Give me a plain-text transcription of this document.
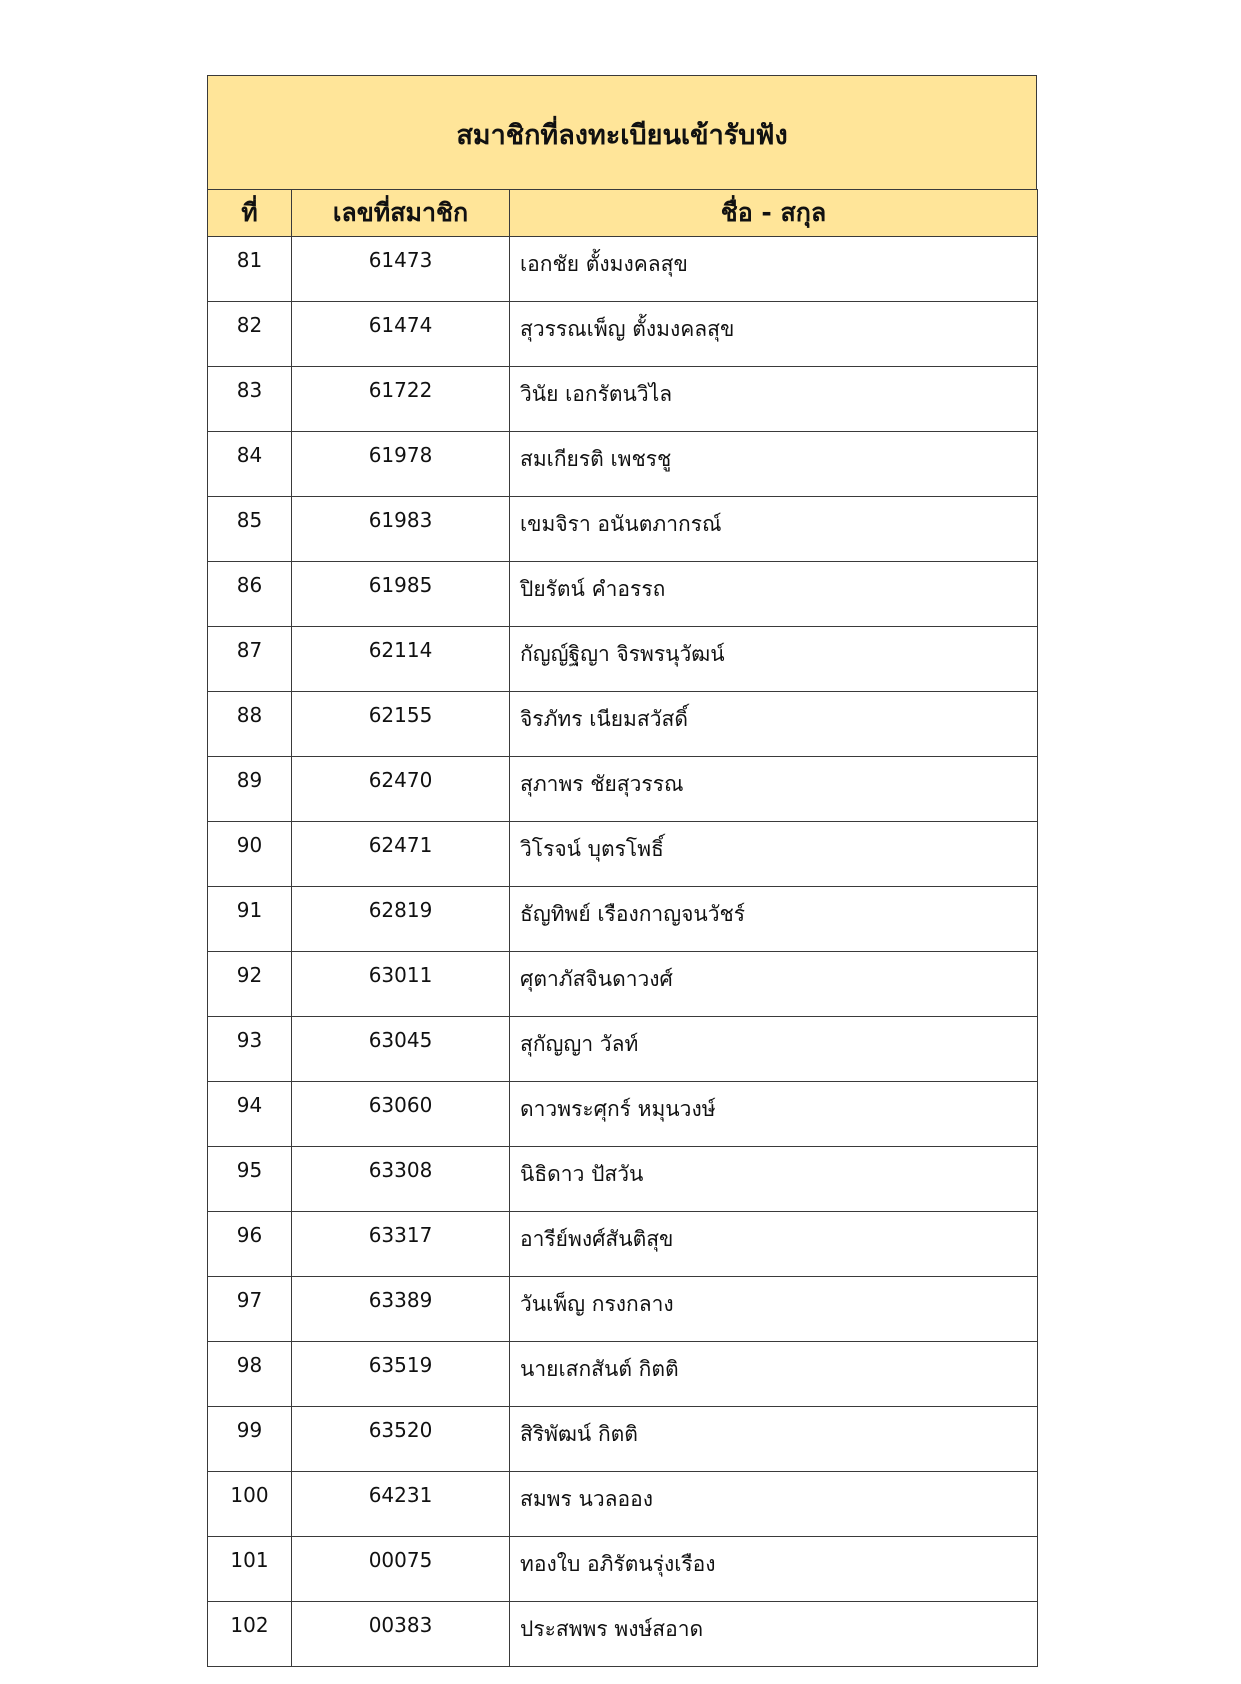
สมาชิกที่ลงทะเบียนเข้ารับฟัง
ที่	เลขที่สมาชิก	ชื่อ - สกุล
81	61473	เอกชัย ตั้งมงคลสุข
82	61474	สุวรรณเพ็ญ ตั้งมงคลสุข
83	61722	วินัย เอกรัตนวิไล
84	61978	สมเกียรติ เพชรชู
85	61983	เขมจิรา อนันตภากรณ์
86	61985	ปิยรัตน์ คำอรรถ
87	62114	กัญญ์ฐิญา จิรพรนุวัฒน์
88	62155	จิรภัทร เนียมสวัสดิ์
89	62470	สุภาพร ชัยสุวรรณ
90	62471	วิโรจน์ บุตรโพธิ์
91	62819	ธัญทิพย์ เรืองกาญจนวัชร์
92	63011	ศุตาภัสจินดาวงศ์
93	63045	สุกัญญา วัลท์
94	63060	ดาวพระศุกร์ หมุนวงษ์
95	63308	นิธิดาว ปัสวัน
96	63317	อารีย์พงศ์สันติสุข
97	63389	วันเพ็ญ กรงกลาง
98	63519	นายเสกสันต์ กิตติ
99	63520	สิริพัฒน์ กิตติ
100	64231	สมพร นวลออง
101	00075	ทองใบ อภิรัตนรุ่งเรือง
102	00383	ประสพพร พงษ์สอาด
